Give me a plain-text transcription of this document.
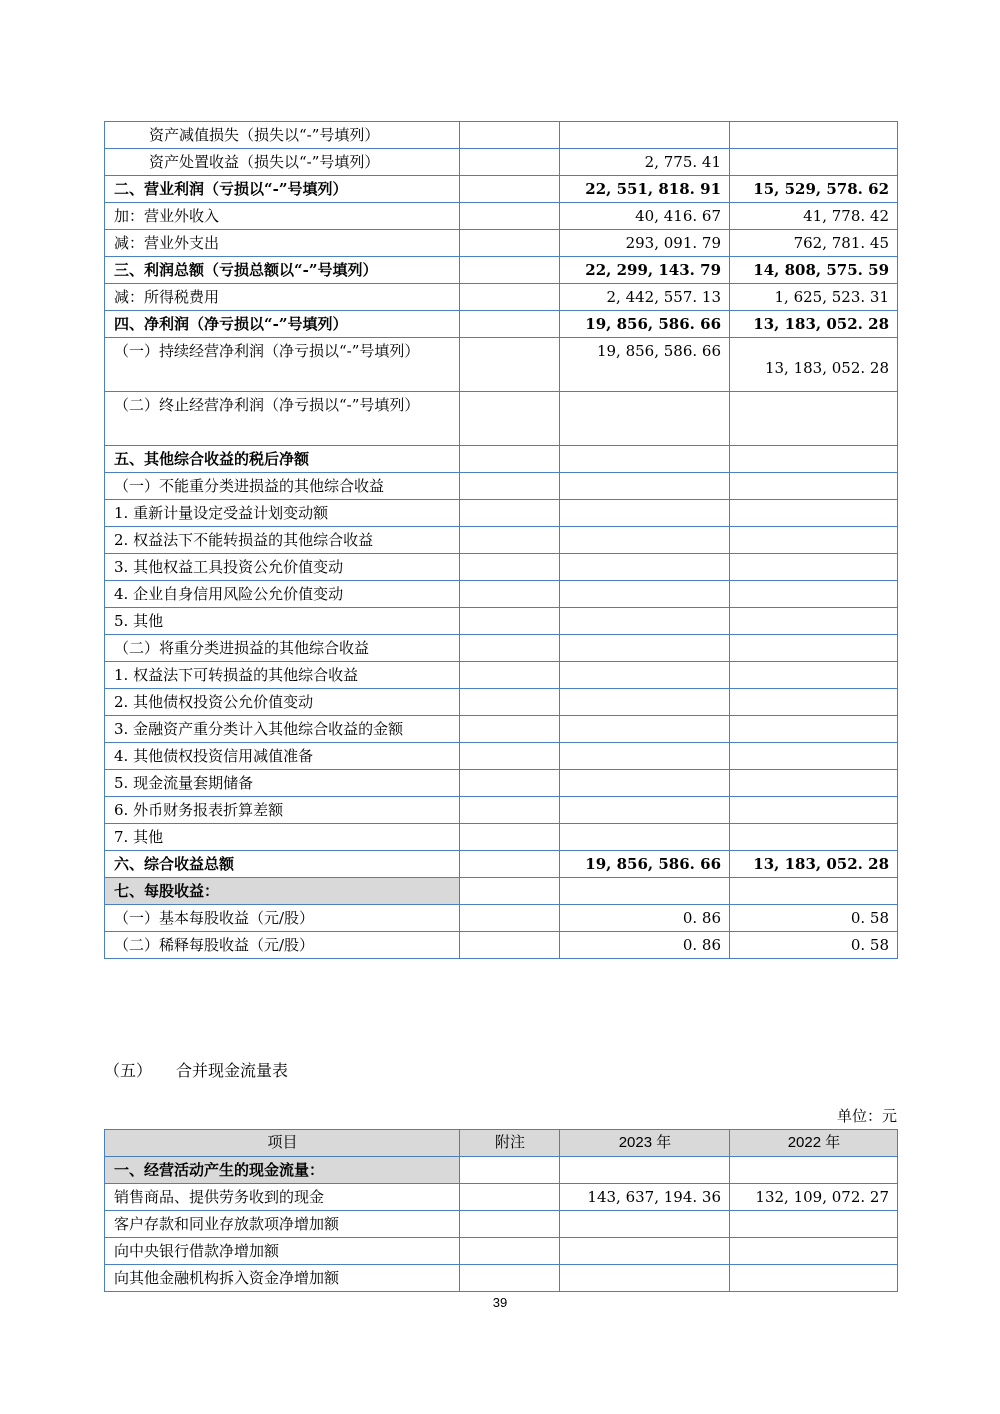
资产减值损失（损失以“-”号填列）			
资产处置收益（损失以“-”号填列）		2, 775. 41	
二、营业利润（亏损以“-”号填列）		22, 551, 818. 91	15, 529, 578. 62
加：营业外收入		40, 416. 67	41, 778. 42
减：营业外支出		293, 091. 79	762, 781. 45
三、利润总额（亏损总额以“-”号填列）		22, 299, 143. 79	14, 808, 575. 59
减：所得税费用		2, 442, 557. 13	1, 625, 523. 31
四、净利润（净亏损以“-”号填列）		19, 856, 586. 66	13, 183, 052. 28
（一）持续经营净利润（净亏损以“-”号填列）		19, 856, 586. 66	13, 183, 052. 28
（二）终止经营净利润（净亏损以“-”号填列）			
五、其他综合收益的税后净额			
（一）不能重分类进损益的其他综合收益			
1. 重新计量设定受益计划变动额			
2. 权益法下不能转损益的其他综合收益			
3. 其他权益工具投资公允价值变动			
4. 企业自身信用风险公允价值变动			
5. 其他			
（二）将重分类进损益的其他综合收益			
1. 权益法下可转损益的其他综合收益			
2. 其他债权投资公允价值变动			
3. 金融资产重分类计入其他综合收益的金额			
4. 其他债权投资信用减值准备			
5. 现金流量套期储备			
6. 外币财务报表折算差额			
7. 其他			
六、综合收益总额		19, 856, 586. 66	13, 183, 052. 28
七、每股收益：			
（一）基本每股收益（元/股）		0. 86	0. 58
（二）稀释每股收益（元/股）		0. 86	0. 58
（五） 合并现金流量表
单位：元
项目	附注	2023 年	2022 年
一、经营活动产生的现金流量：			
销售商品、提供劳务收到的现金		143, 637, 194. 36	132, 109, 072. 27
客户存款和同业存放款项净增加额			
向中央银行借款净增加额			
向其他金融机构拆入资金净增加额			
39
